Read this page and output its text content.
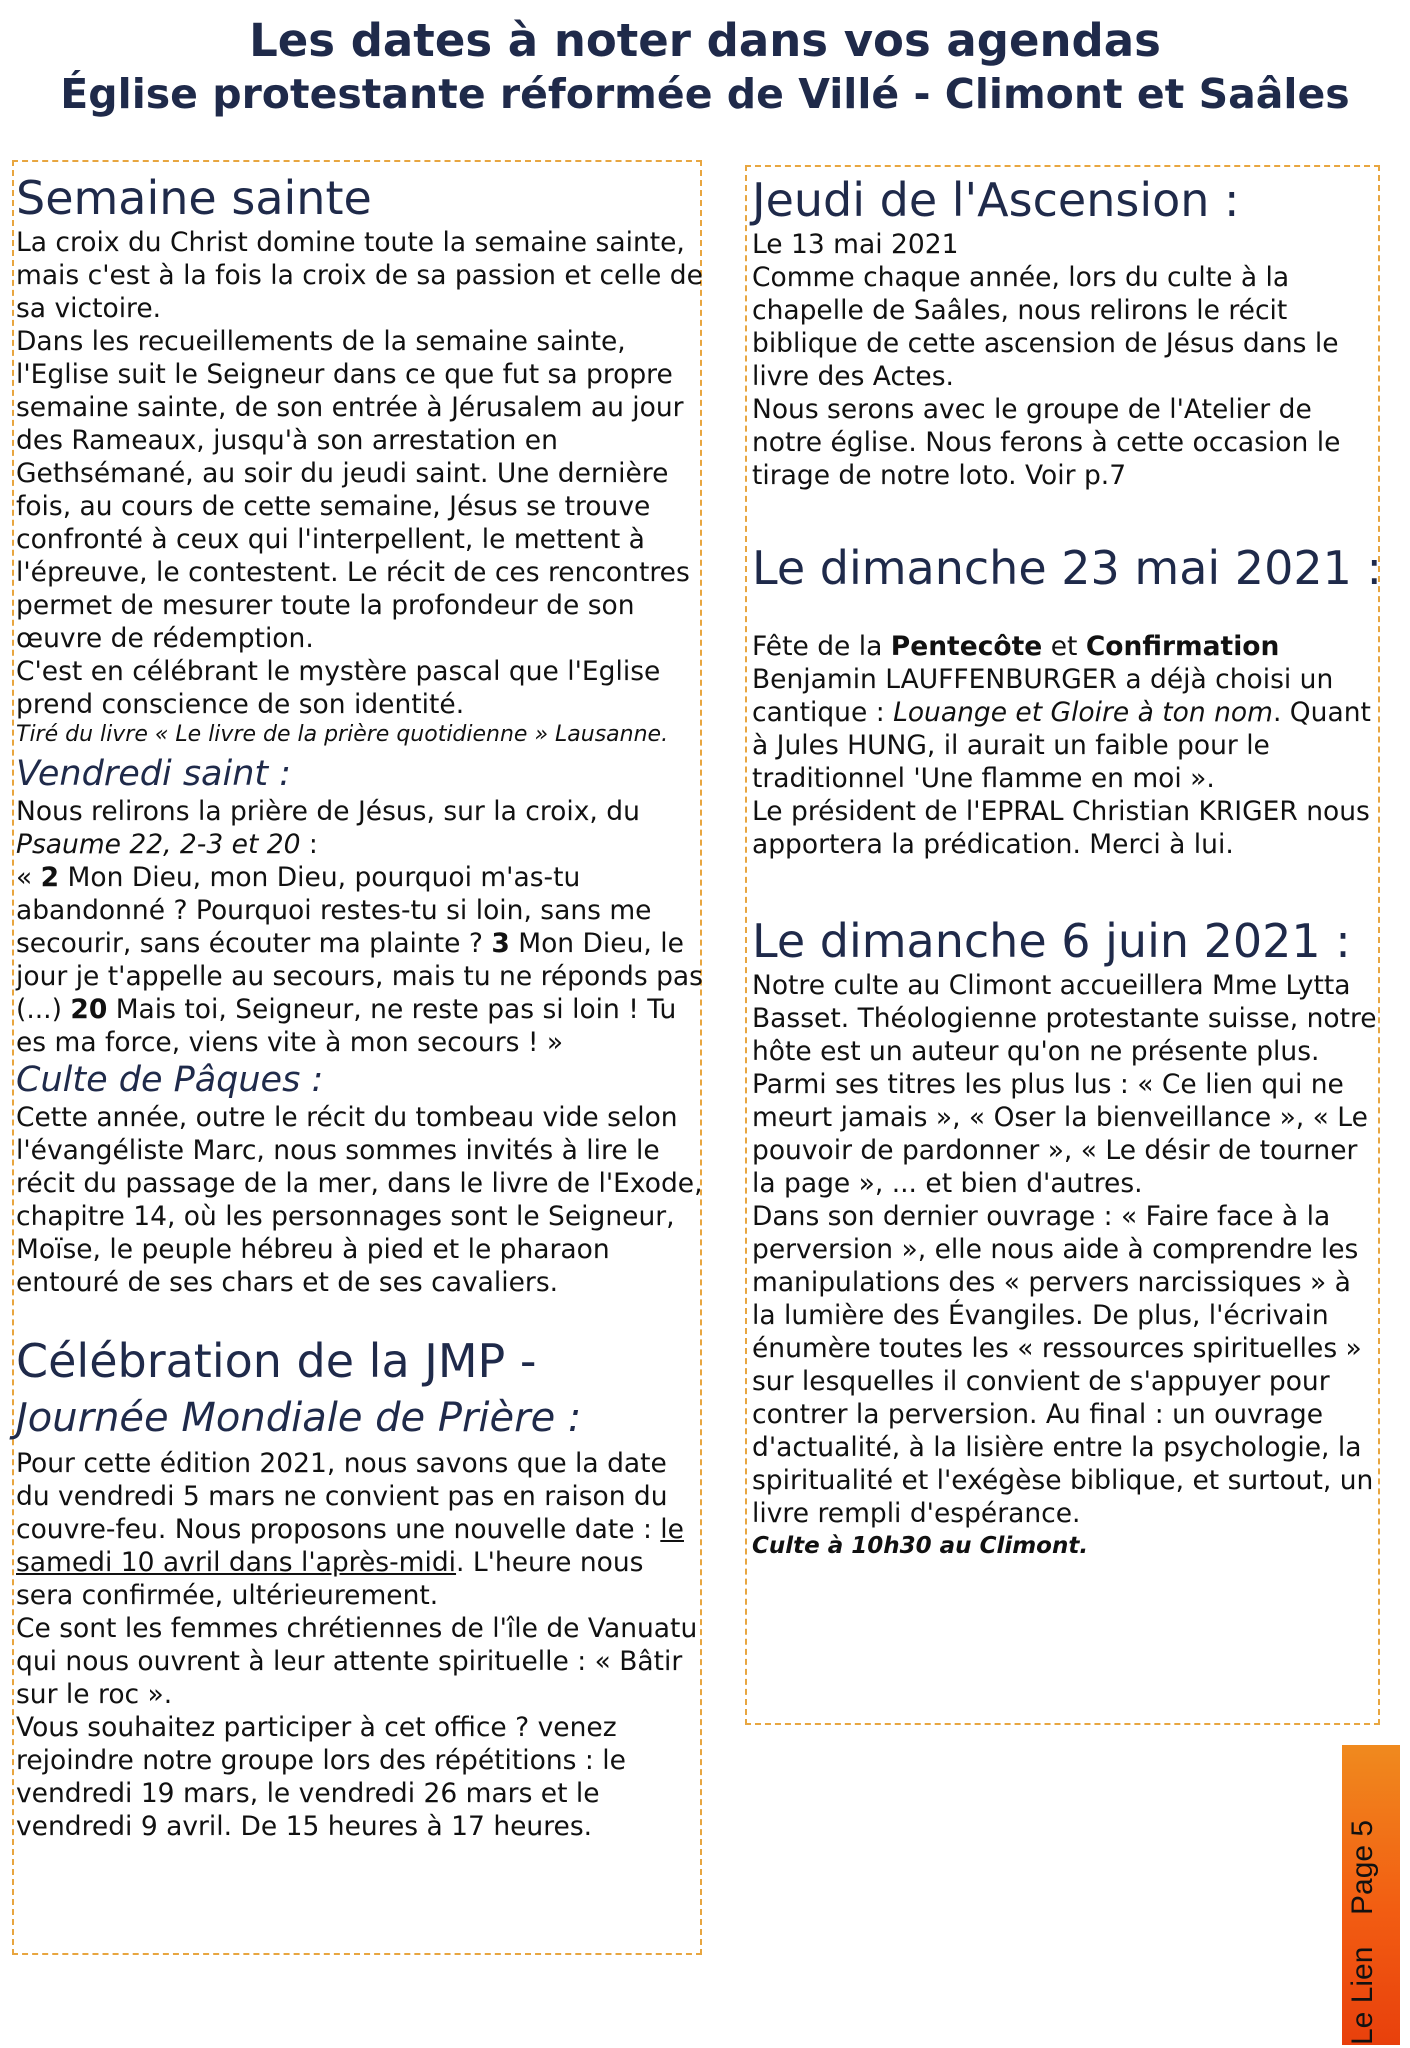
Les dates à noter dans vos agendas
Église protestante réformée de Villé - Climont et Saâles
Semaine sainte

La croix du Christ domine toute la semaine sainte, mais c'est à la fois la croix de sa passion et celle de sa victoire.

Dans les recueillements de la semaine sainte, l'Eglise suit le Seigneur dans ce que fut sa propre semaine sainte, de son entrée à Jérusalem au jour des Rameaux, jusqu'à son arrestation en Gethsémané, au soir du jeudi saint. Une dernière fois, au cours de cette semaine, Jésus se trouve confronté à ceux qui l'interpellent, le mettent à l'épreuve, le contestent. Le récit de ces rencontres permet de mesurer toute la profondeur de son œuvre de rédemption.

C'est en célébrant le mystère pascal que l'Eglise prend conscience de son identité.

Tiré du livre « Le livre de la prière quotidienne » Lausanne.

Vendredi saint :

Nous relirons la prière de Jésus, sur la croix, du Psaume 22, 2-3 et 20 :

« 2 Mon Dieu, mon Dieu, pourquoi m'as-tu abandonné ? Pourquoi restes-tu si loin, sans me secourir, sans écouter ma plainte ? 3 Mon Dieu, le jour je t'appelle au secours, mais tu ne réponds pas (...) 20 Mais toi, Seigneur, ne reste pas si loin ! Tu es ma force, viens vite à mon secours ! »

Culte de Pâques :

Cette année, outre le récit du tombeau vide selon l'évangéliste Marc, nous sommes invités à lire le récit du passage de la mer, dans le livre de l'Exode, chapitre 14, où les personnages sont le Seigneur, Moïse, le peuple hébreu à pied et le pharaon entouré de ses chars et de ses cavaliers.

Célébration de la JMP -
Journée Mondiale de Prière :

Pour cette édition 2021, nous savons que la date du vendredi 5 mars ne convient pas en raison du couvre-feu. Nous proposons une nouvelle date : le samedi 10 avril dans l'après-midi. L'heure nous sera confirmée, ultérieurement.

Ce sont les femmes chrétiennes de l'île de Vanuatu qui nous ouvrent à leur attente spirituelle : « Bâtir sur le roc ».

Vous souhaitez participer à cet office ? venez rejoindre notre groupe lors des répétitions : le vendredi 19 mars, le vendredi 26 mars et le vendredi 9 avril. De 15 heures à 17 heures.

Jeudi de l'Ascension :

Le 13 mai 2021

Comme chaque année, lors du culte à la chapelle de Saâles, nous relirons le récit biblique de cette ascension de Jésus dans le livre des Actes.

Nous serons avec le groupe de l'Atelier de notre église. Nous ferons à cette occasion le tirage de notre loto. Voir p.7

Le dimanche 23 mai 2021 :

Fête de la Pentecôte et Confirmation

Benjamin LAUFFENBURGER a déjà choisi un cantique : Louange et Gloire à ton nom. Quant à Jules HUNG, il aurait un faible pour le traditionnel 'Une flamme en moi ».

Le président de l'EPRAL Christian KRIGER nous apportera la prédication. Merci à lui.

Le dimanche 6 juin 2021 :

Notre culte au Climont accueillera Mme Lytta Basset. Théologienne protestante suisse, notre hôte est un auteur qu'on ne présente plus. Parmi ses titres les plus lus : « Ce lien qui ne meurt jamais », « Oser la bienveillance », « Le pouvoir de pardonner », « Le désir de tourner la page », ... et bien d'autres.

Dans son dernier ouvrage : « Faire face à la perversion », elle nous aide à comprendre les manipulations des « pervers narcissiques » à la lumière des Évangiles. De plus, l'écrivain énumère toutes les « ressources spirituelles » sur lesquelles il convient de s'appuyer pour contrer la perversion. Au final : un ouvrage d'actualité, à la lisière entre la psychologie, la spiritualité et l'exégèse biblique, et surtout, un livre rempli d'espérance.

Culte à 10h30 au Climont.

Page 5
Le Lien
